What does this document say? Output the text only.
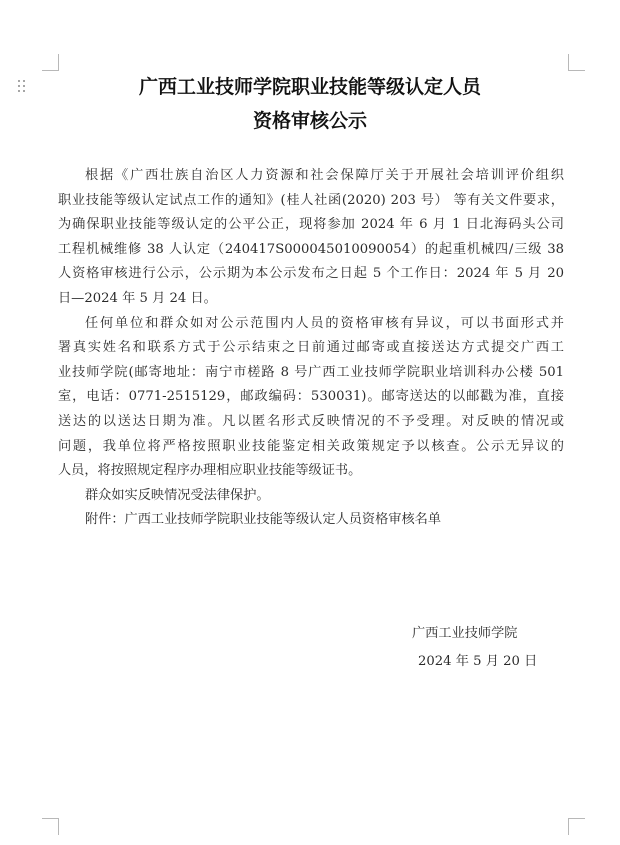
广西工业技师学院职业技能等级认定人员
资格审核公示
根据《广西壮族自治区人力资源和社会保障厅关于开展社会培训评价组织
职业技能等级认定试点工作的通知》(桂人社函(2020) 203 号） 等有关文件要求，
为确保职业技能等级认定的公平公正，现将参加 2024 年 6 月 1 日北海码头公司
工程机械维修 38 人认定（240417S000045010090054）的起重机械四/三级 38
人资格审核进行公示，公示期为本公示发布之日起 5 个工作日：2024 年 5 月 20
日—2024 年 5 月 24 日。
任何单位和群众如对公示范围内人员的资格审核有异议，可以书面形式并
署真实姓名和联系方式于公示结束之日前通过邮寄或直接送达方式提交广西工
业技师学院(邮寄地址：南宁市槎路 8 号广西工业技师学院职业培训科办公楼 501
室，电话：0771-2515129，邮政编码：530031)。邮寄送达的以邮戳为准，直接
送达的以送达日期为准。凡以匿名形式反映情况的不予受理。对反映的情况或
问题，我单位将严格按照职业技能鉴定相关政策规定予以核查。公示无异议的
人员，将按照规定程序办理相应职业技能等级证书。
群众如实反映情况受法律保护。
附件：广西工业技师学院职业技能等级认定人员资格审核名单
广西工业技师学院
2024 年 5 月 20 日
